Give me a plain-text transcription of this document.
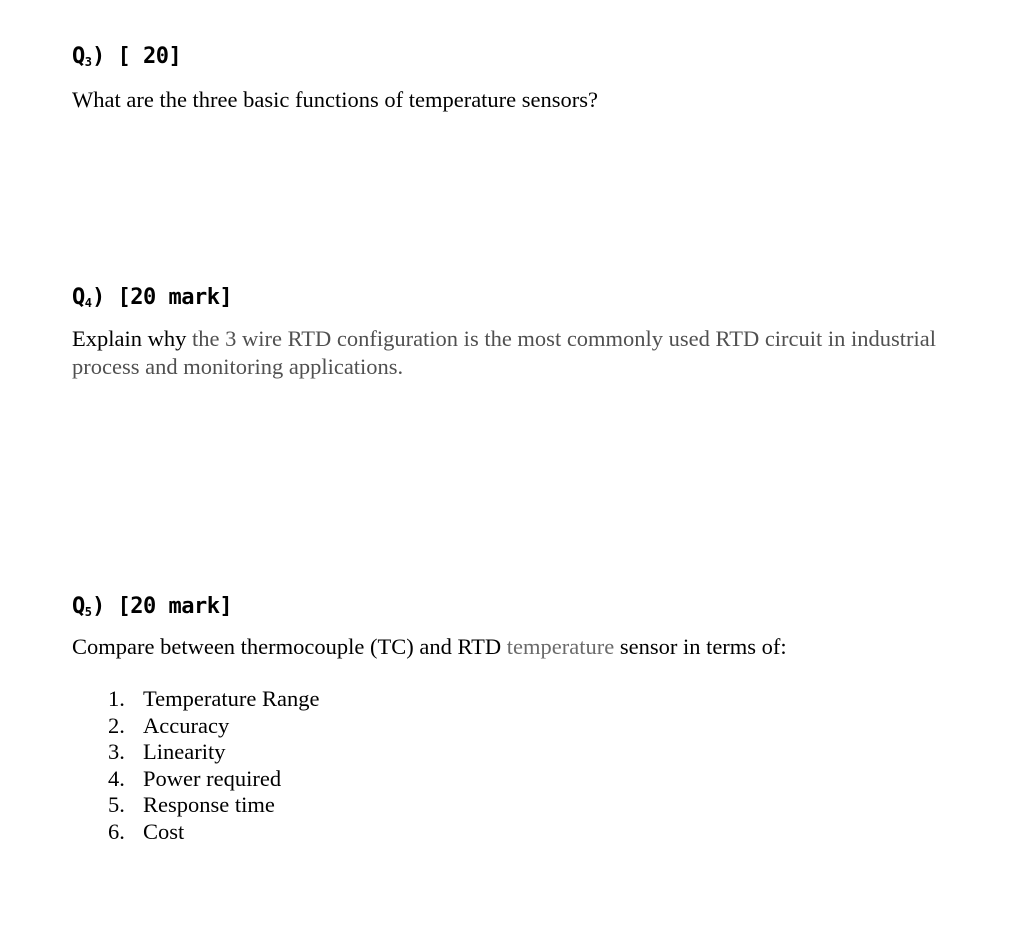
$Q_3$) [ 20]
What are the three basic functions of temperature sensors?
$Q_4$) [20 mark]
Explain why the 3 wire RTD configuration is the most commonly used RTD circuit in industrial process and monitoring applications.
$Q_5$) [20 mark]
Compare between thermocouple (TC) and RTD temperature sensor in terms of:
1. Temperature Range
2. Accuracy
3. Linearity
4. Power required
5. Response time
6. Cost
